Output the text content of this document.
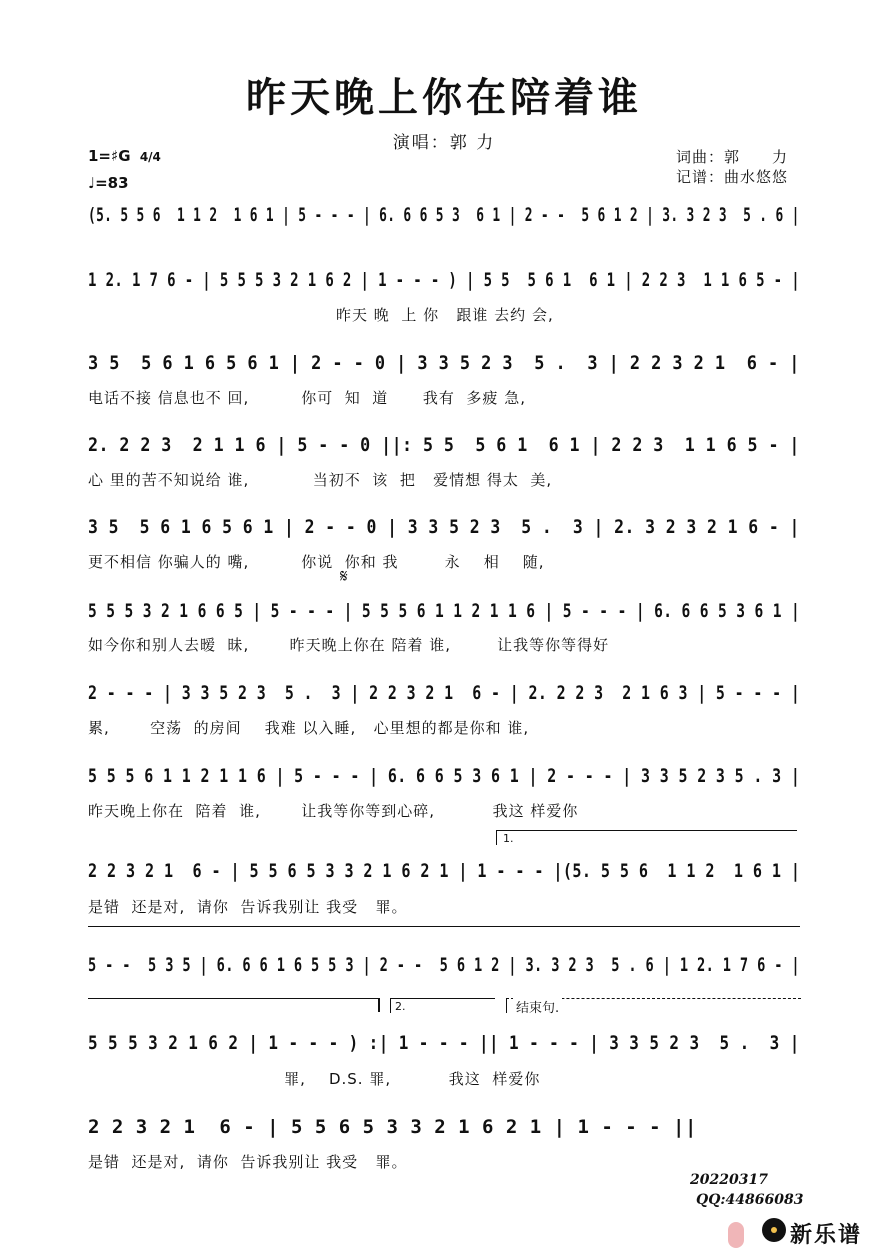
昨天晚上你在陪着谁
演唱：郭 力
1=♯G 4/4
♩=83
词曲：郭　　力
记谱：曲水悠悠
(5. 5 5 6  1 1 2  1 6 1 | 5 - - - | 6. 6 6 5 3  6 1 | 2 - -  5 6 1 2 | 3. 3 2 3  5 . 6 |
1 2. 1 7 6 - | 5 5 5 3 2 1 6 2 | 1 - - - ) | 5 5  5 6 1  6 1 | 2 2 3  1 1 6 5 - |
昨天 晚  上 你   跟谁 去约 会,
3 5  5 6 1 6 5 6 1 | 2 - - 0 | 3 3 5 2 3  5 .  3 | 2 2 3 2 1  6 - |
电话不接 信息也不 回,         你可  知  道      我有  多疲 急,
2. 2 2 3  2 1 1 6 | 5 - - 0 ||: 5 5  5 6 1  6 1 | 2 2 3  1 1 6 5 - |
心 里的苦不知说给 谁,           当初不  该  把   爱情想 得太  美,
3 5  5 6 1 6 5 6 1 | 2 - - 0 | 3 3 5 2 3  5 .  3 | 2. 3 2 3 2 1 6 - |
更不相信 你骗人的 嘴,         你说  你和 我        永    相    随,
𝄋
5 5 5 3 2 1 6 6 5 | 5 - - - | 5 5 5 6 1 1 2 1 1 6 | 5 - - - | 6. 6 6 5 3 6 1 |
如今你和别人去暧  昧,       昨天晚上你在 陪着 谁,        让我等你等得好
2 - - - | 3 3 5 2 3  5 .  3 | 2 2 3 2 1  6 - | 2. 2 2 3  2 1 6 3 | 5 - - - |
累,       空荡  的房间    我难 以入睡,   心里想的都是你和 谁,
5 5 5 6 1 1 2 1 1 6 | 5 - - - | 6. 6 6 5 3 6 1 | 2 - - - | 3 3 5 2 3 5 . 3 |
昨天晚上你在  陪着  谁,       让我等你等到心碎,          我这 样爱你
1.
2 2 3 2 1  6 - | 5 5 6 5 3 3 2 1 6 2 1 | 1 - - - |(5. 5 5 6  1 1 2  1 6 1 |
是错  还是对,  请你  告诉我别让 我受   罪。
5 - -  5 3 5 | 6. 6 6 1 6 5 5 3 | 2 - -  5 6 1 2 | 3. 3 2 3  5 . 6 | 1 2. 1 7 6 - |
2.	结束句.
5 5 5 3 2 1 6 2 | 1 - - - ) :| 1 - - - || 1 - - - | 3 3 5 2 3  5 .  3 |
罪,    D.S. 罪,          我这  样爱你
2 2 3 2 1  6 - | 5 5 6 5 3 3 2 1 6 2 1 | 1 - - - ||
是错  还是对,  请你  告诉我别让 我受   罪。
20220317
QQ:44866083
新乐谱
